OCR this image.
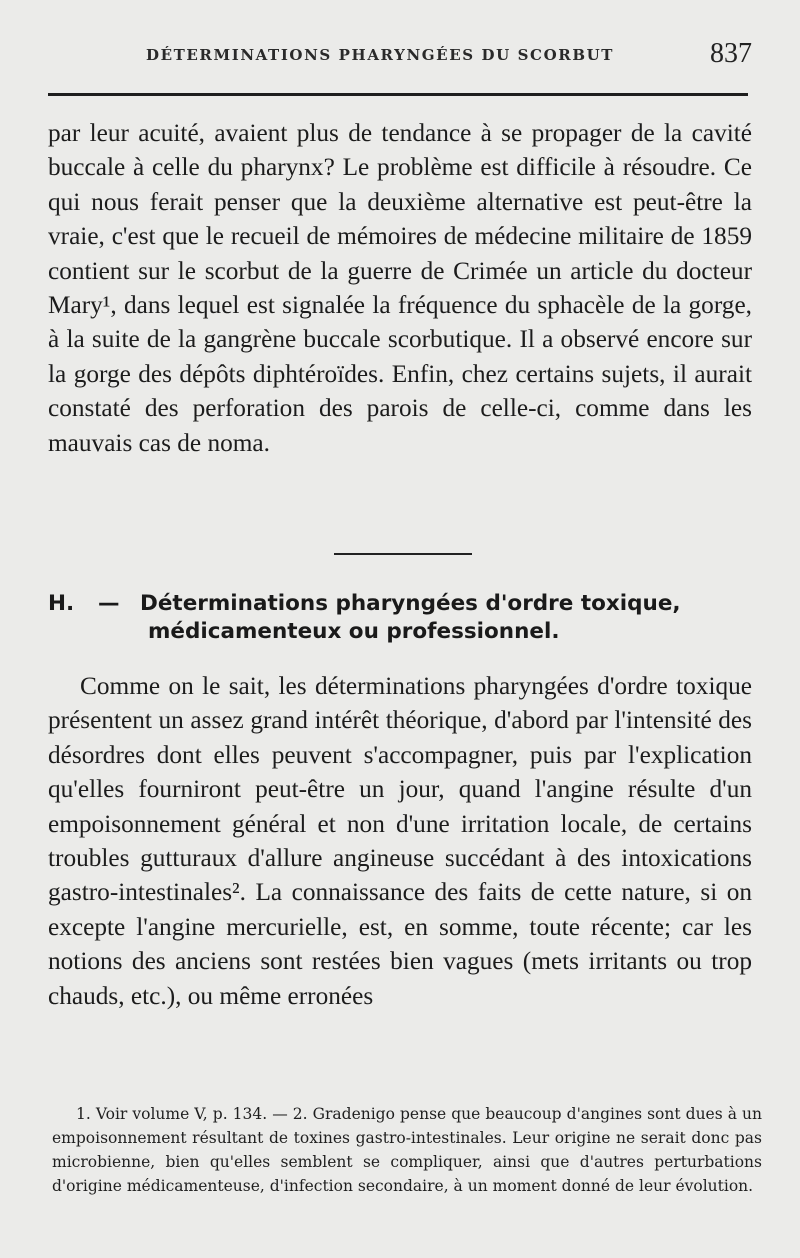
DÉTERMINATIONS PHARYNGÉES DU SCORBUT	837

par leur acuité, avaient plus de tendance à se propager de la cavité buccale à celle du pharynx? Le problème est difficile à résoudre. Ce qui nous ferait penser que la deuxième alternative est peut-être la vraie, c'est que le recueil de mémoires de médecine militaire de 1859 contient sur le scorbut de la guerre de Crimée un article du docteur Mary¹, dans lequel est signalée la fréquence du sphacèle de la gorge, à la suite de la gangrène buccale scorbutique. Il a observé encore sur la gorge des dépôts diphtéroïdes. Enfin, chez certains sujets, il aurait constaté des perforation des parois de celle-ci, comme dans les mauvais cas de noma.

H. — Déterminations pharyngées d'ordre toxique,
médicamenteux ou professionnel.

Comme on le sait, les déterminations pharyngées d'ordre toxique présentent un assez grand intérêt théorique, d'abord par l'intensité des désordres dont elles peuvent s'accompagner, puis par l'explication qu'elles fourniront peut-être un jour, quand l'angine résulte d'un empoisonnement général et non d'une irritation locale, de certains troubles gutturaux d'allure angineuse succédant à des intoxications gastro-intestinales². La connaissance des faits de cette nature, si on excepte l'angine mercurielle, est, en somme, toute récente; car les notions des anciens sont restées bien vagues (mets irritants ou trop chauds, etc.), ou même erronées

1. Voir volume V, p. 134. — 2. Gradenigo pense que beaucoup d'angines sont dues à un empoisonnement résultant de toxines gastro-intestinales. Leur origine ne serait donc pas microbienne, bien qu'elles semblent se compliquer, ainsi que d'autres perturbations d'origine médicamenteuse, d'infection secondaire, à un moment donné de leur évolution.
